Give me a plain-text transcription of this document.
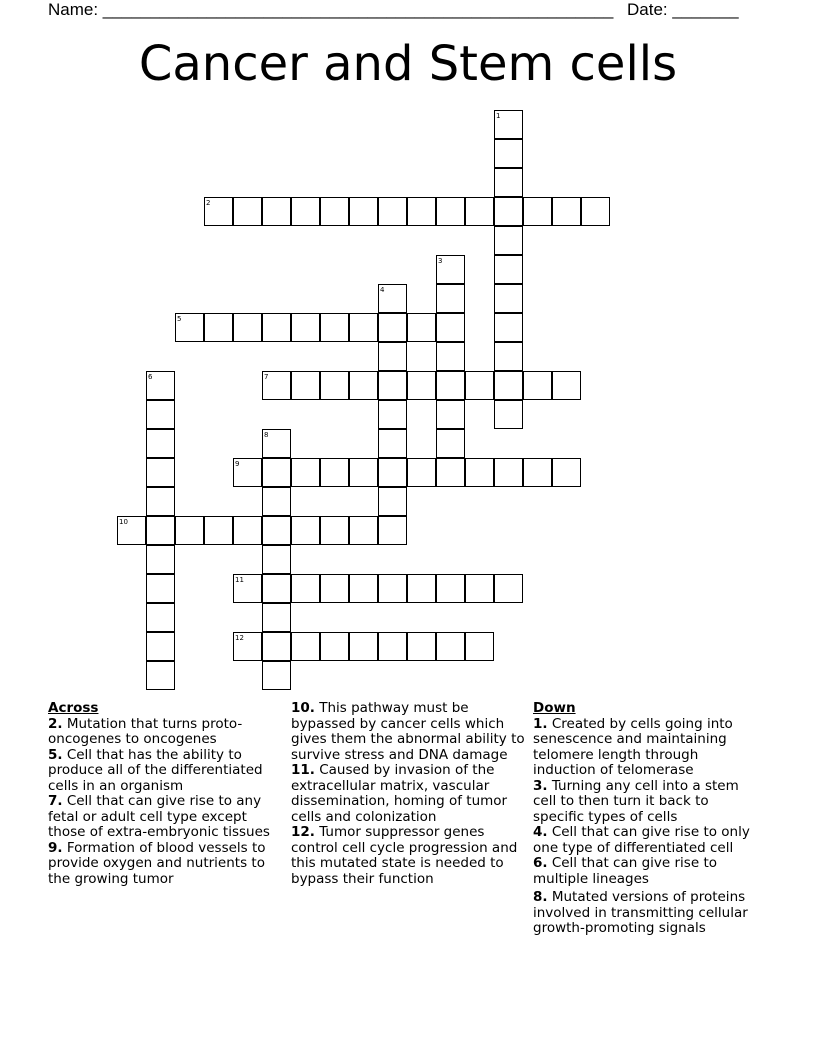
Name: ______________________________________________________ Date: _______
Cancer and Stem cells
1
2
3
4
5
6	7
8
9
10
11
12
Across

2. Mutation that turns proto-oncogenes to oncogenes

5. Cell that has the ability to produce all of the differentiated cells in an organism

7. Cell that can give rise to any fetal or adult cell type except those of extra-embryonic tissues

9. Formation of blood vessels to provide oxygen and nutrients to the growing tumor

10. This pathway must be bypassed by cancer cells which gives them the abnormal ability to survive stress and DNA damage

11. Caused by invasion of the extracellular matrix, vascular dissemination, homing of tumor cells and colonization

12. Tumor suppressor genes control cell cycle progression and this mutated state is needed to bypass their function

Down

1. Created by cells going into senescence and maintaining telomere length through induction of telomerase

3. Turning any cell into a stem cell to then turn it back to specific types of cells

4. Cell that can give rise to only one type of differentiated cell

6. Cell that can give rise to multiple lineages

8. Mutated versions of proteins involved in transmitting cellular growth-promoting signals
